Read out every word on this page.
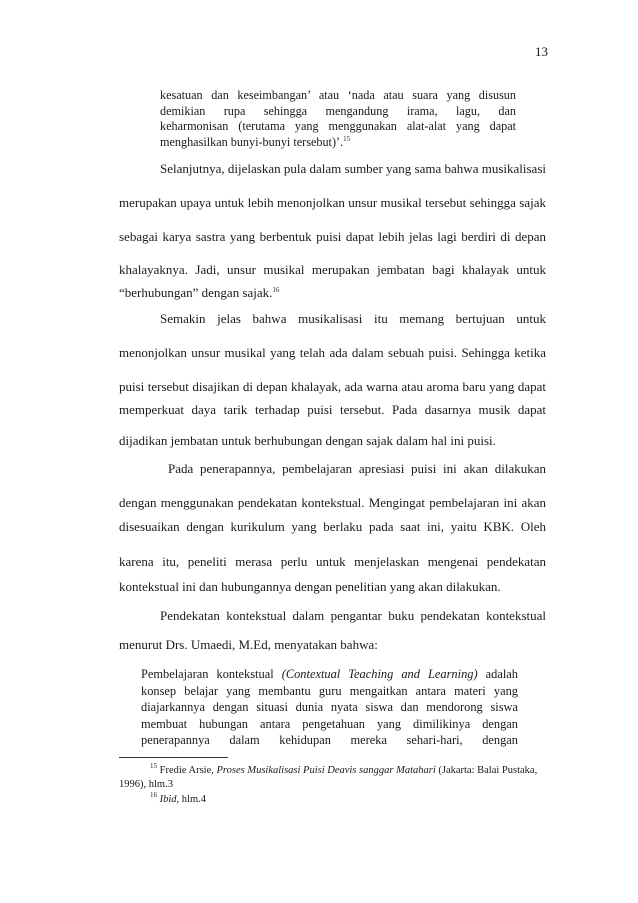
13
kesatuan dan keseimbangan’ atau ‘nada atau suara yang disusun
demikian rupa sehingga mengandung irama, lagu, dan
keharmonisan (terutama yang menggunakan alat-alat yang dapat
menghasilkan bunyi-bunyi tersebut)’.$^{15}$
Selanjutnya, dijelaskan pula dalam sumber yang sama bahwa musikalisasi
merupakan upaya untuk lebih menonjolkan unsur musikal tersebut sehingga sajak
sebagai karya sastra yang berbentuk puisi dapat lebih jelas lagi berdiri di depan
khalayaknya. Jadi, unsur musikal merupakan jembatan bagi khalayak untuk
“berhubungan” dengan sajak.$^{16}$
Semakin jelas bahwa musikalisasi itu memang bertujuan untuk
menonjolkan unsur musikal yang telah ada dalam sebuah puisi. Sehingga ketika
puisi tersebut disajikan di depan khalayak, ada warna atau aroma baru yang dapat
memperkuat daya tarik terhadap puisi tersebut. Pada dasarnya musik dapat
dijadikan jembatan untuk berhubungan dengan sajak dalam hal ini puisi.
Pada penerapannya, pembelajaran apresiasi puisi ini akan dilakukan
dengan menggunakan pendekatan kontekstual. Mengingat pembelajaran ini akan
disesuaikan dengan kurikulum yang berlaku pada saat ini, yaitu KBK. Oleh
karena itu, peneliti merasa perlu untuk menjelaskan mengenai pendekatan
kontekstual ini dan hubungannya dengan penelitian yang akan dilakukan.
Pendekatan kontekstual dalam pengantar buku pendekatan kontekstual
menurut Drs. Umaedi, M.Ed, menyatakan bahwa:
Pembelajaran kontekstual (Contextual Teaching and Learning) adalah
konsep belajar yang membantu guru mengaitkan antara materi yang
diajarkannya dengan situasi dunia nyata siswa dan mendorong siswa
membuat hubungan antara pengetahuan yang dimilikinya dengan
penerapannya dalam kehidupan mereka sehari-hari, dengan
$^{15}$ Fredie Arsie, Proses Musikalisasi Puisi Deavis sanggar Matahari (Jakarta: Balai Pustaka,
1996), hlm.3
$^{16}$ Ibid, hlm.4
